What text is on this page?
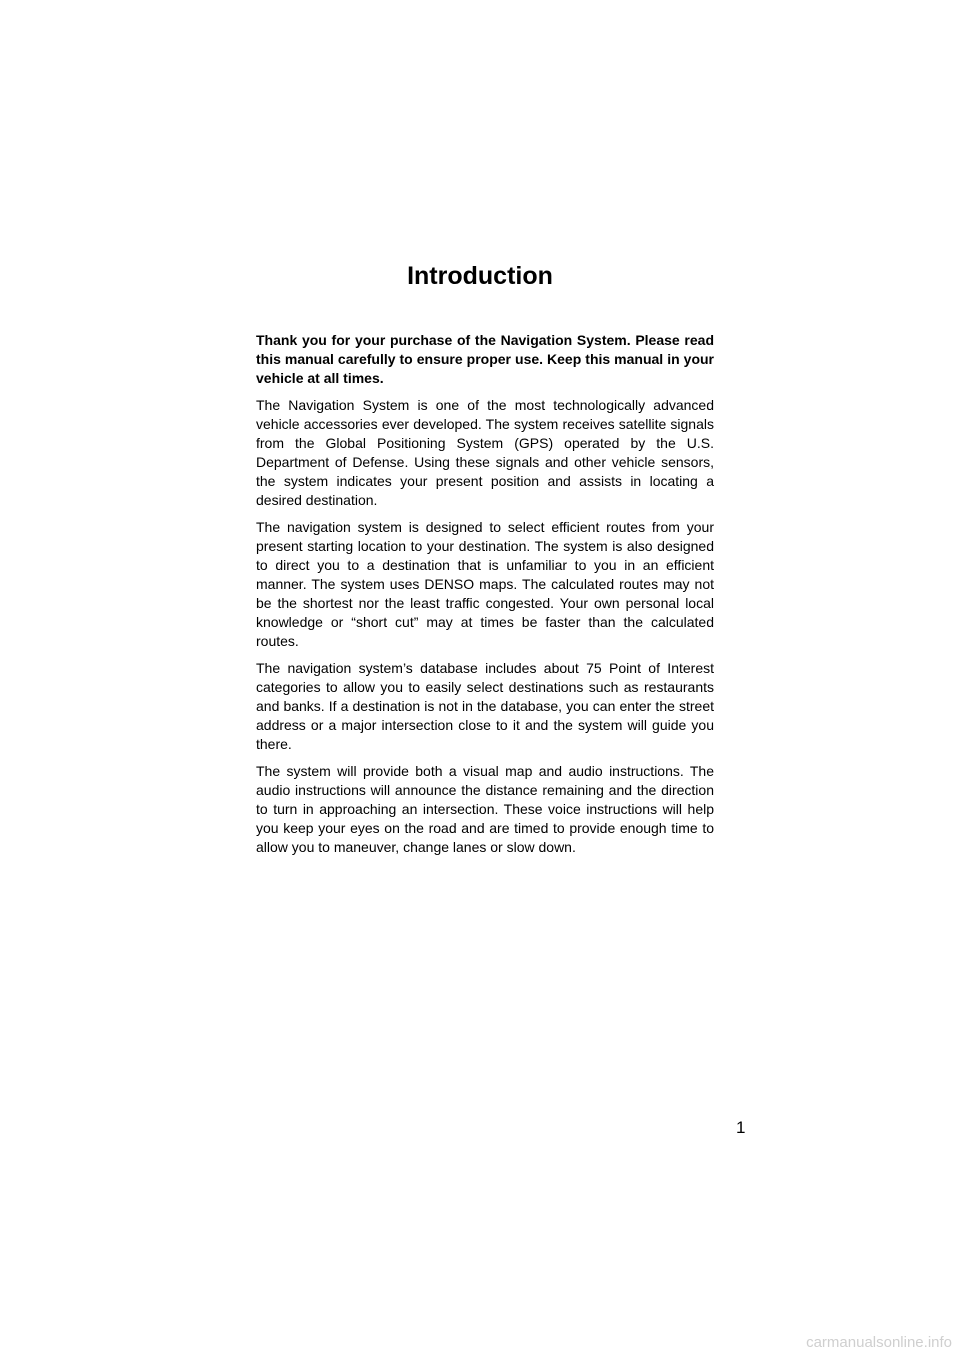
Introduction

Thank you for your purchase of the Navigation System. Please read this manual carefully to ensure proper use. Keep this manual in your vehicle at all times.

The Navigation System is one of the most technologically advanced vehicle accessories ever developed. The system receives satellite signals from the Global Positioning System (GPS) operated by the U.S. Department of Defense. Using these signals and other vehicle sensors, the system indicates your present position and assists in locating a desired destination.

The navigation system is designed to select efficient routes from your present starting location to your destination. The system is also designed to direct you to a destination that is unfamiliar to you in an efficient manner. The system uses DENSO maps. The calculated routes may not be the shortest nor the least traffic congested. Your own personal local knowledge or “short cut” may at times be faster than the calculated routes.

The navigation system’s database includes about 75 Point of Interest categories to allow you to easily select destinations such as restaurants and banks. If a destination is not in the database, you can enter the street address or a major intersection close to it and the system will guide you there.

The system will provide both a visual map and audio instructions. The audio instructions will announce the distance remaining and the direction to turn in approaching an intersection. These voice instructions will help you keep your eyes on the road and are timed to provide enough time to allow you to maneuver, change lanes or slow down.

1
carmanualsonline.info
